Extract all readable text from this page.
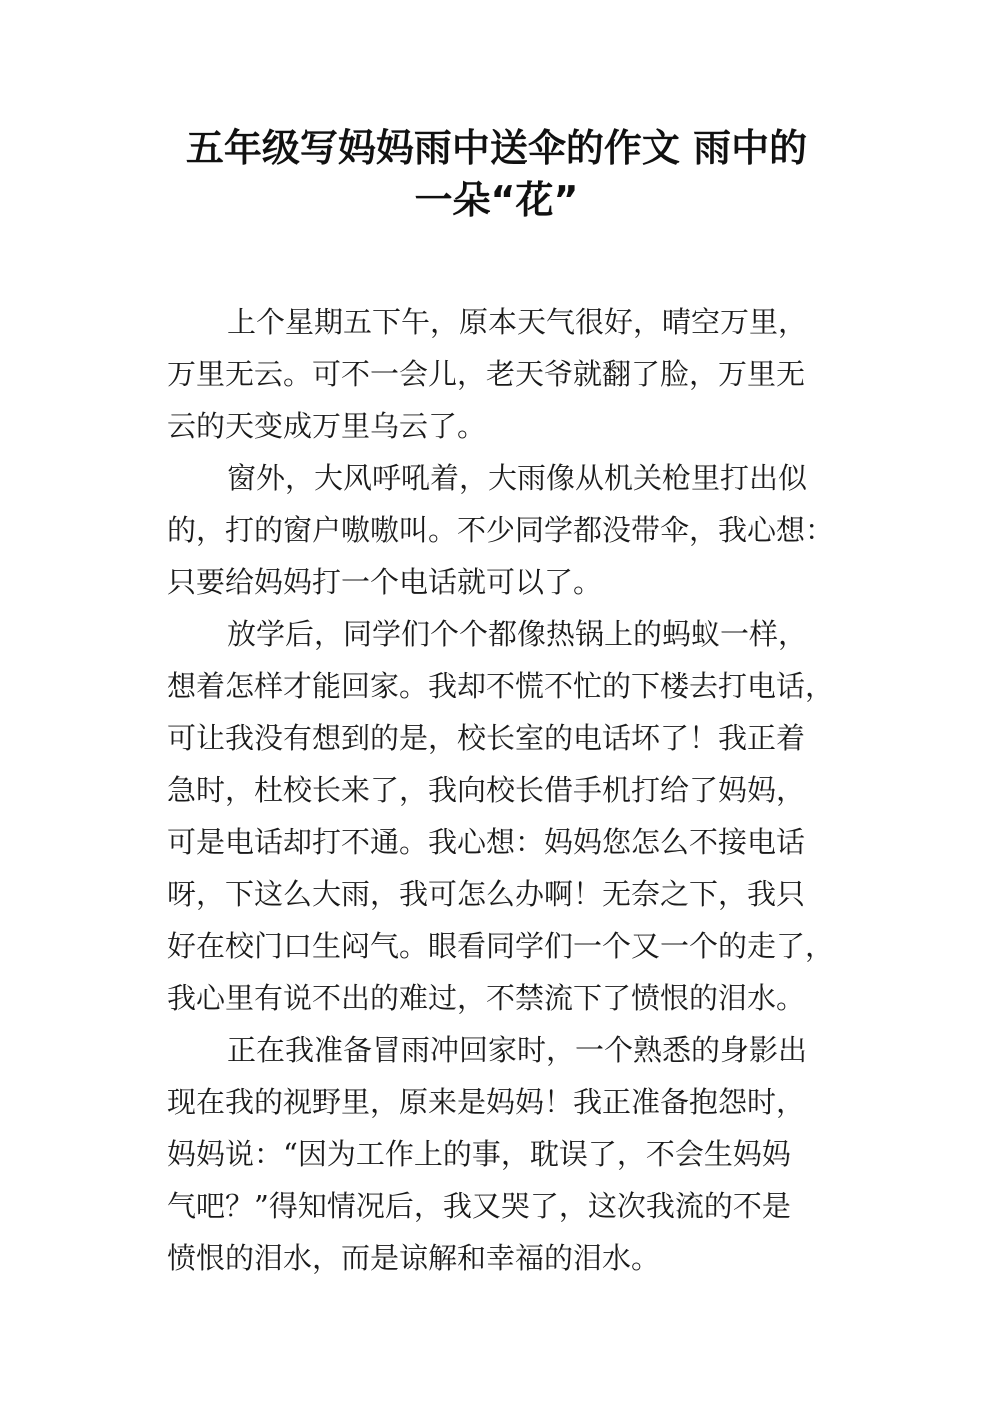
五年级写妈妈雨中送伞的作文 雨中的
一朵“花”

上个星期五下午，原本天气很好，晴空万里，
万里无云。可不一会儿，老天爷就翻了脸，万里无
云的天变成万里乌云了。

窗外，大风呼吼着，大雨像从机关枪里打出似
的，打的窗户嗷嗷叫。不少同学都没带伞，我心想：
只要给妈妈打一个电话就可以了。

放学后，同学们个个都像热锅上的蚂蚁一样，
想着怎样才能回家。我却不慌不忙的下楼去打电话，
可让我没有想到的是，校长室的电话坏了！我正着
急时，杜校长来了，我向校长借手机打给了妈妈，
可是电话却打不通。我心想：妈妈您怎么不接电话
呀，下这么大雨，我可怎么办啊！无奈之下，我只
好在校门口生闷气。眼看同学们一个又一个的走了，
我心里有说不出的难过，不禁流下了愤恨的泪水。

正在我准备冒雨冲回家时，一个熟悉的身影出
现在我的视野里，原来是妈妈！我正准备抱怨时，
妈妈说：“因为工作上的事，耽误了，不会生妈妈
气吧？”得知情况后，我又哭了，这次我流的不是
愤恨的泪水，而是谅解和幸福的泪水。
